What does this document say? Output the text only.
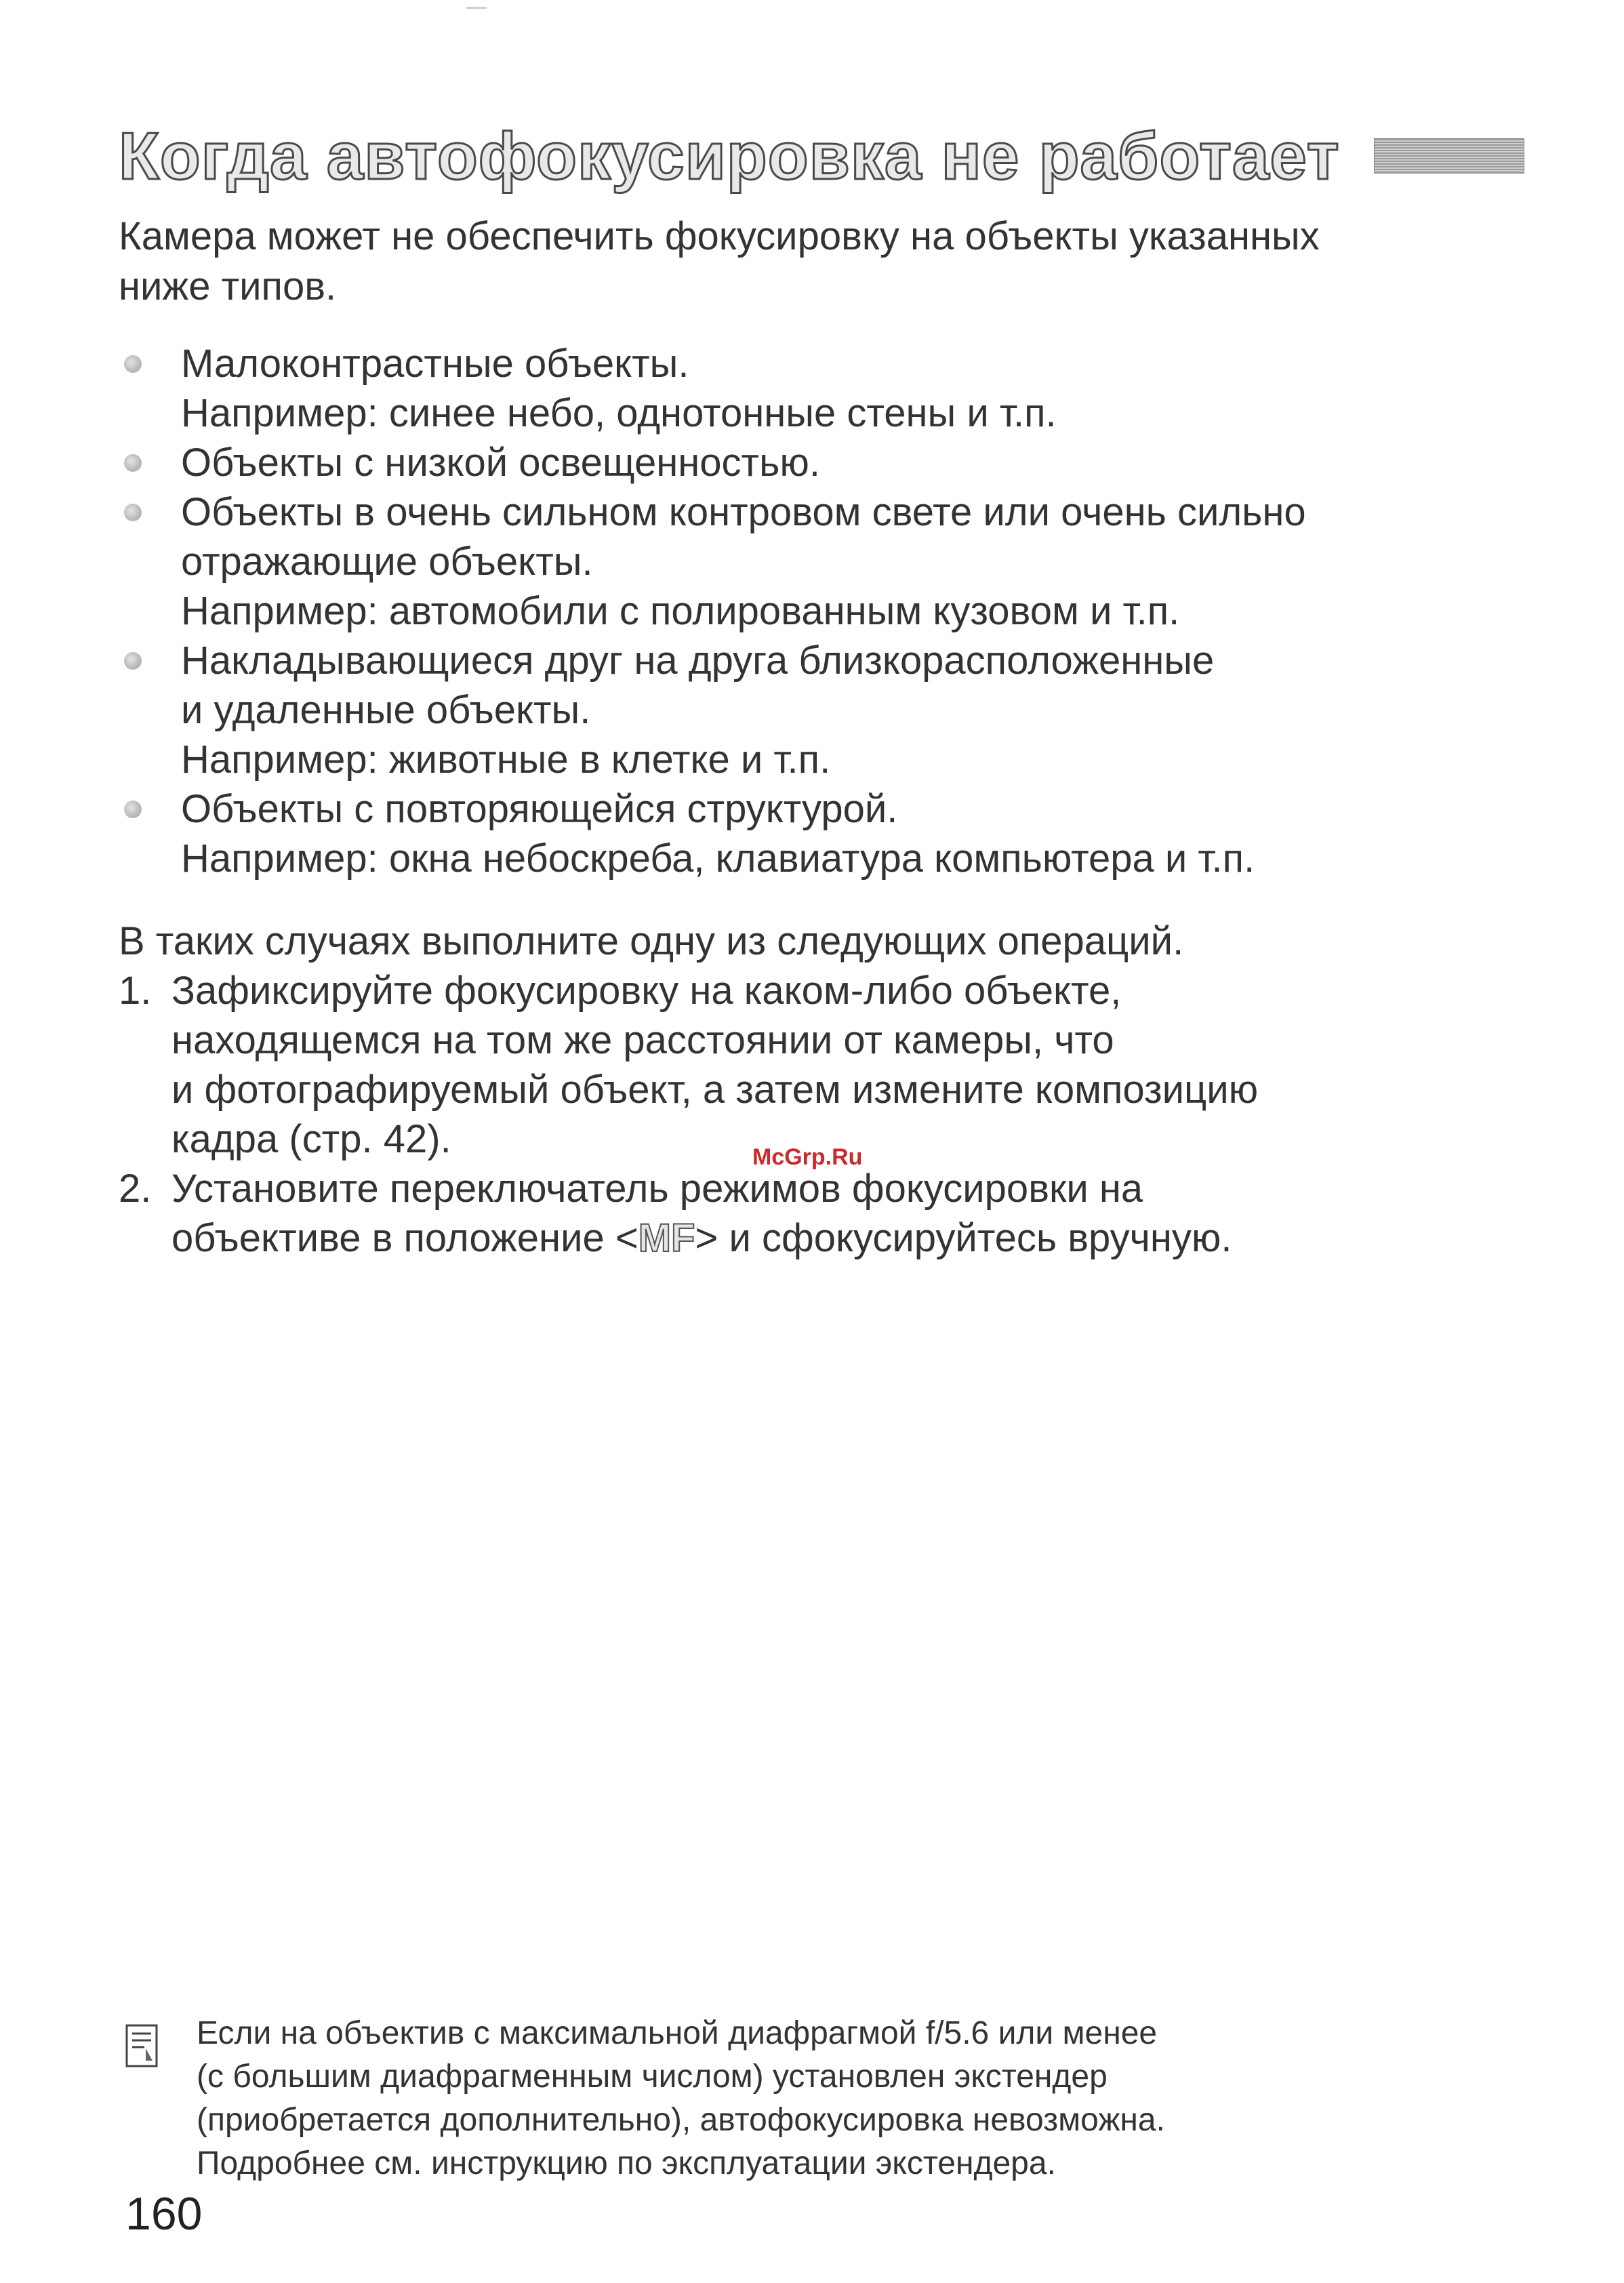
Когда автофокусировка не работает
Камера может не обеспечить фокусировку на объекты указанных
ниже типов.
Малоконтрастные объекты.
Например: синее небо, однотонные стены и т.п.
Объекты с низкой освещенностью.
Объекты в очень сильном контровом свете или очень сильно
отражающие объекты.
Например: автомобили с полированным кузовом и т.п.
Накладывающиеся друг на друга близкорасположенные
и удаленные объекты.
Например: животные в клетке и т.п.
Объекты с повторяющейся структурой.
Например: окна небоскреба, клавиатура компьютера и т.п.
В таких случаях выполните одну из следующих операций.
1. Зафиксируйте фокусировку на каком-либо объекте,
находящемся на том же расстоянии от камеры, что
и фотографируемый объект, а затем измените композицию
кадра (стр. 42).
2. Установите переключатель режимов фокусировки на
объективе в положение <MF> и сфокусируйтесь вручную.
McGrp.Ru
Если на объектив с максимальной диафрагмой f/5.6 или менее
(с большим диафрагменным числом) установлен экстендер
(приобретается дополнительно), автофокусировка невозможна.
Подробнее см. инструкцию по эксплуатации экстендера.
160
